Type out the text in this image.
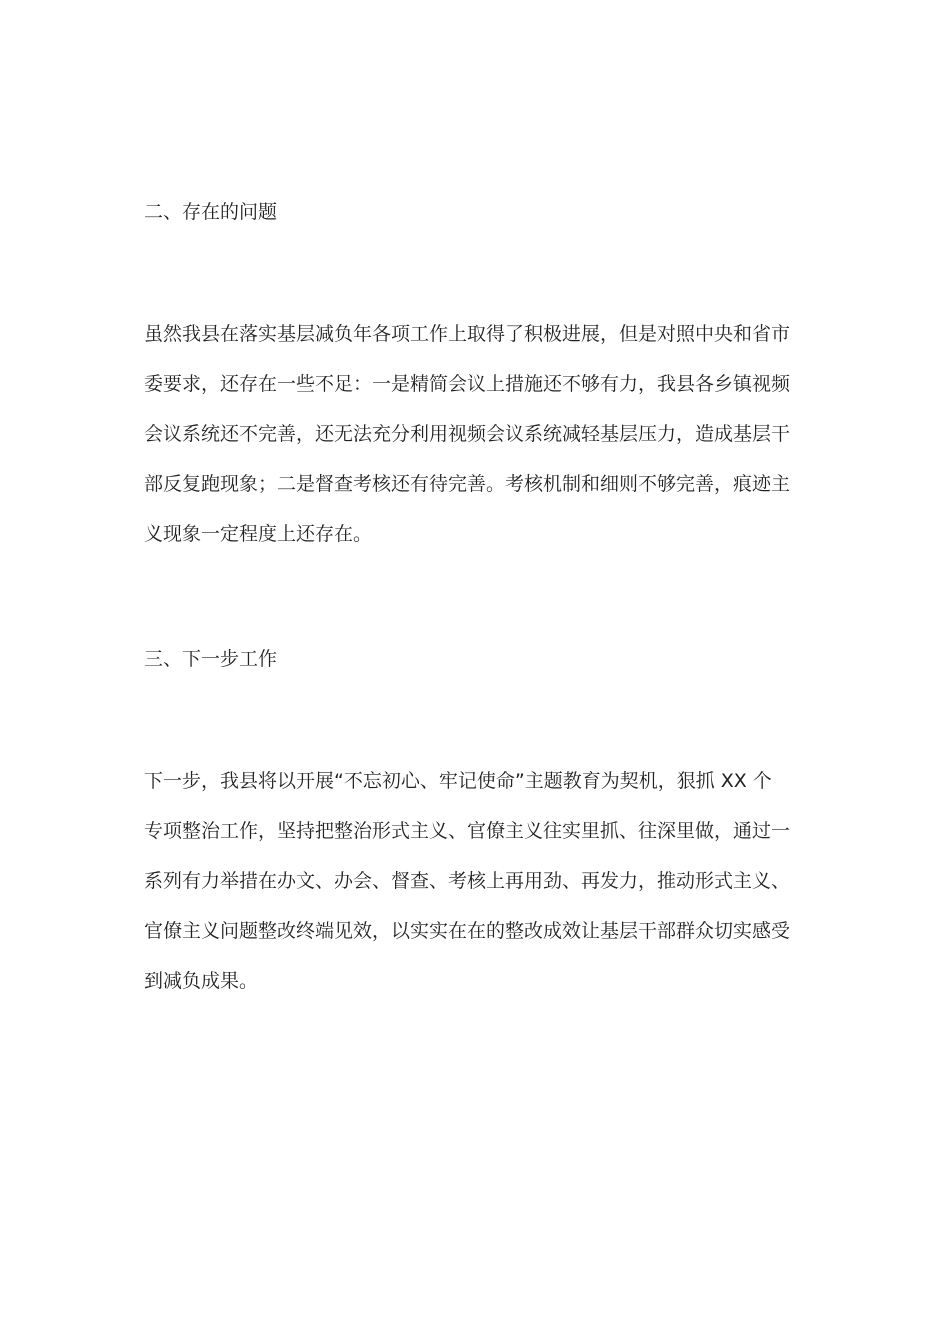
二、存在的问题
虽然我县在落实基层减负年各项工作上取得了积极进展，但是对照中央和省市
委要求，还存在一些不足：一是精简会议上措施还不够有力，我县各乡镇视频
会议系统还不完善，还无法充分利用视频会议系统减轻基层压力，造成基层干
部反复跑现象；二是督查考核还有待完善。考核机制和细则不够完善，痕迹主
义现象一定程度上还存在。
三、下一步工作
下一步，我县将以开展“不忘初心、牢记使命”主题教育为契机，狠抓 XX 个
专项整治工作，坚持把整治形式主义、官僚主义往实里抓、往深里做，通过一
系列有力举措在办文、办会、督查、考核上再用劲、再发力，推动形式主义、
官僚主义问题整改终端见效，以实实在在的整改成效让基层干部群众切实感受
到减负成果。
